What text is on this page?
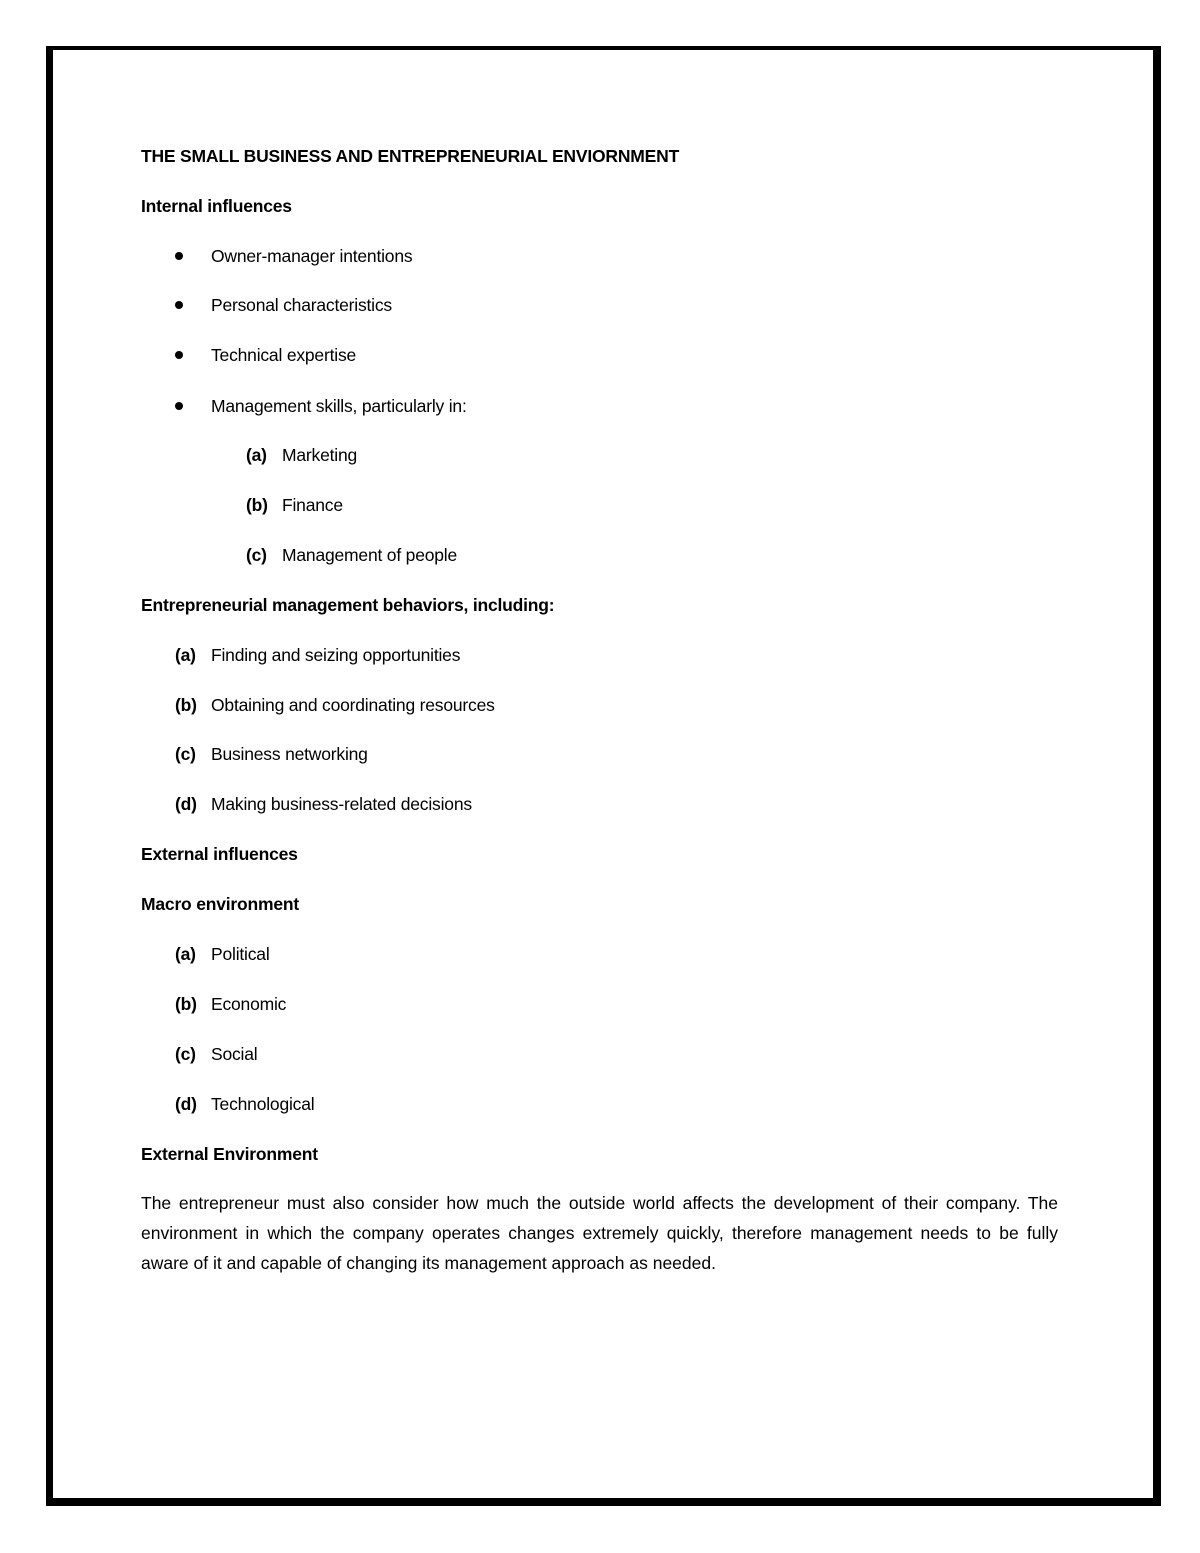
THE SMALL BUSINESS AND ENTREPRENEURIAL ENVIORNMENT
Internal influences
Owner-manager intentions
Personal characteristics
Technical expertise
Management skills, particularly in:
(a) Marketing
(b) Finance
(c) Management of people
Entrepreneurial management behaviors, including:
(a) Finding and seizing opportunities
(b) Obtaining and coordinating resources
(c) Business networking
(d) Making business-related decisions
External influences
Macro environment
(a) Political
(b) Economic
(c) Social
(d) Technological
External Environment
The entrepreneur must also consider how much the outside world affects the development of their company. The environment in which the company operates changes extremely quickly, therefore management needs to be fully aware of it and capable of changing its management approach as needed.
